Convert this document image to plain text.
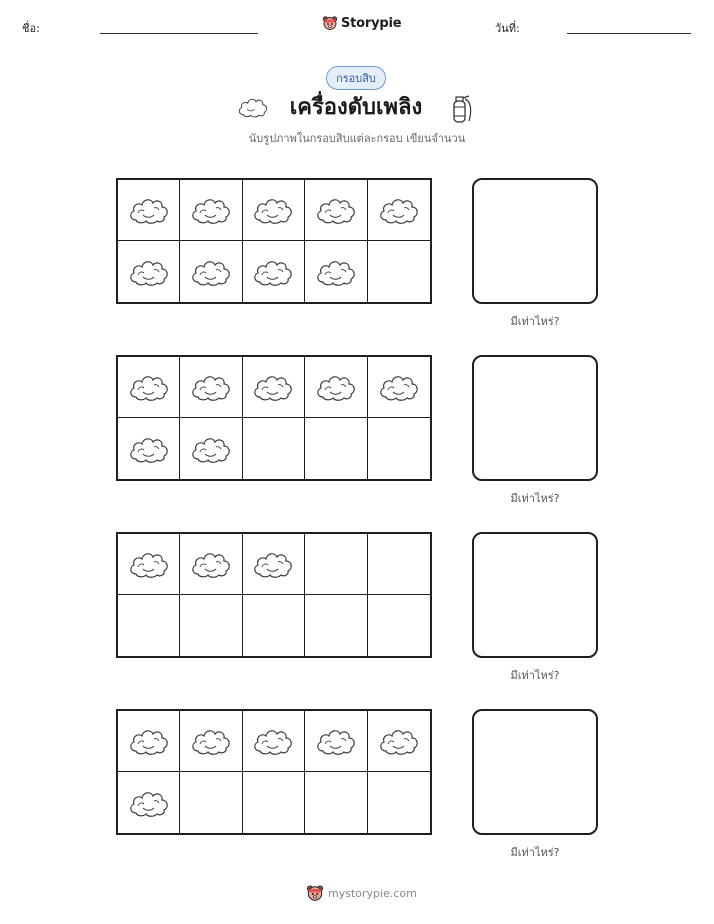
ชื่อ:	Storypie	วันที่:
กรอบสิบ
เครื่องดับเพลิง
นับรูปภาพในกรอบสิบแต่ละกรอบ เขียนจำนวน
มีเท่าไหร่?
มีเท่าไหร่?
มีเท่าไหร่?
มีเท่าไหร่?
mystorypie.com
